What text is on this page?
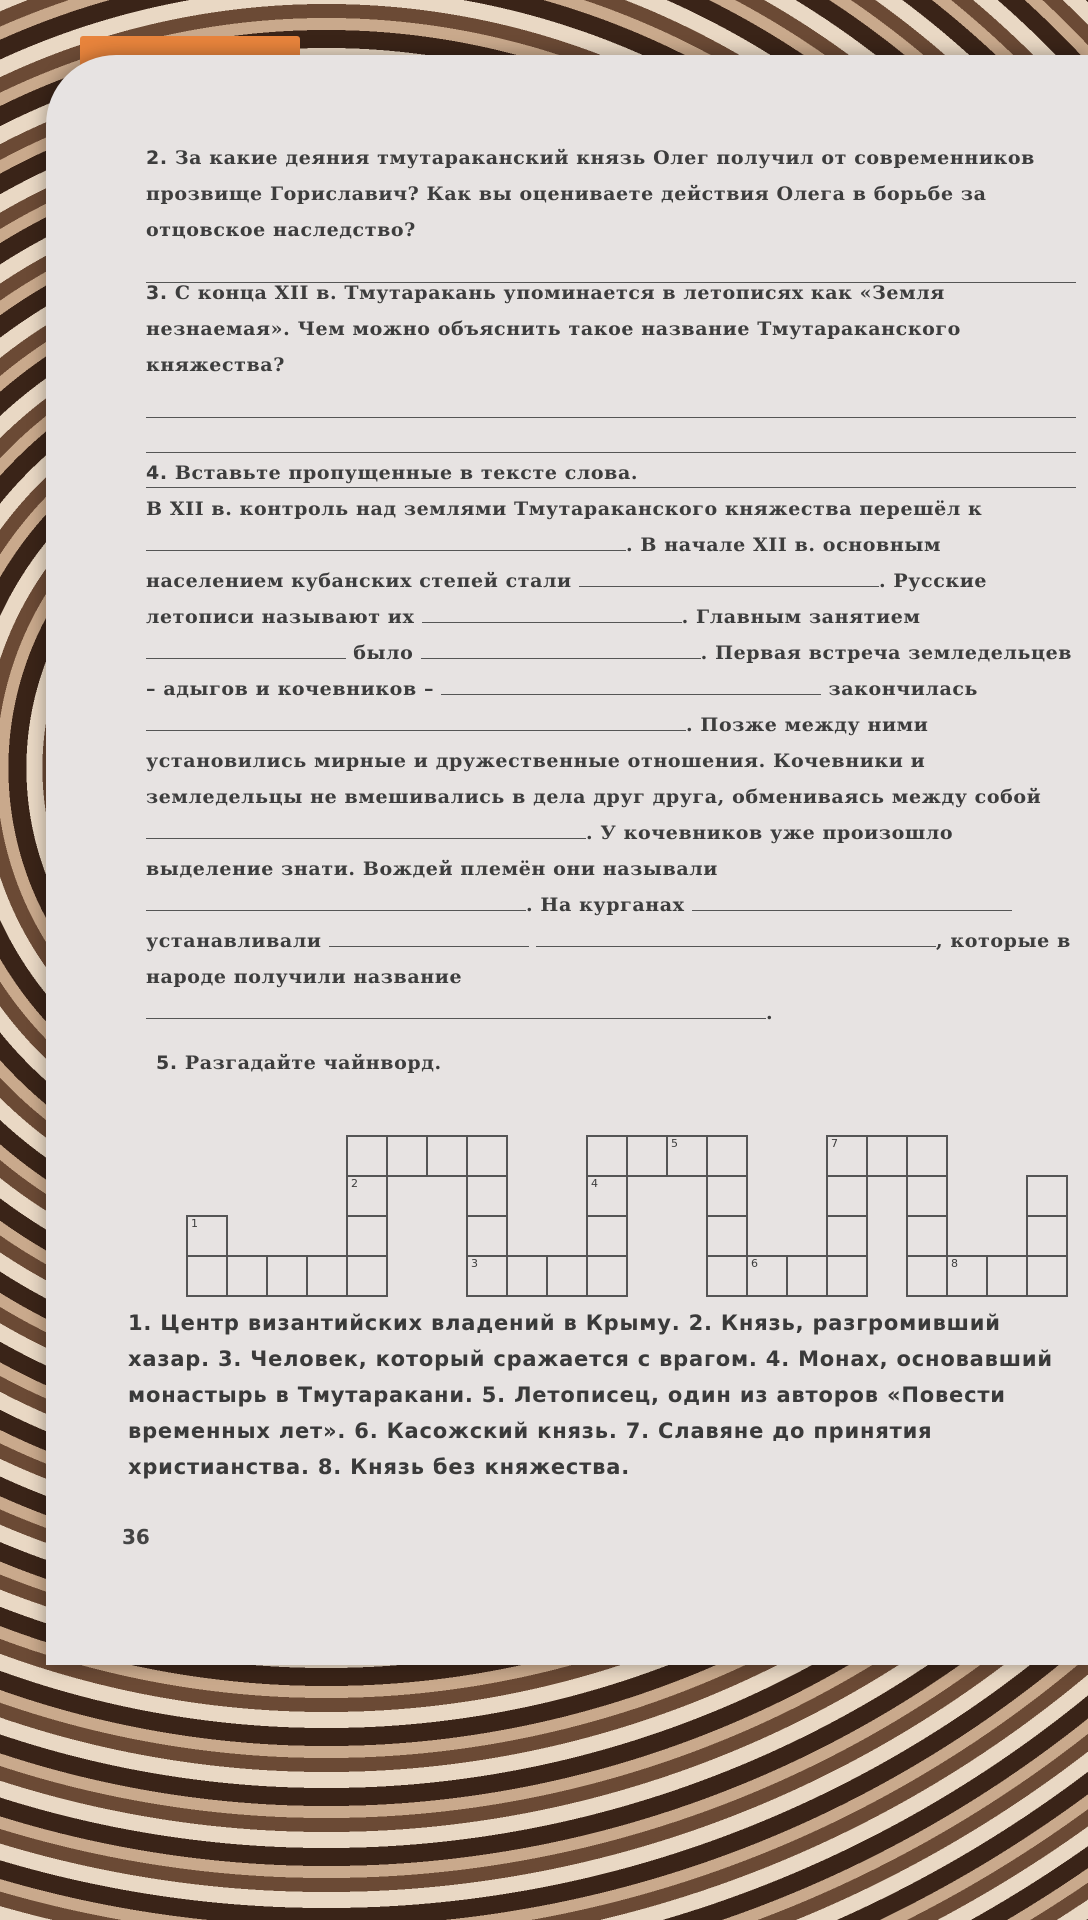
2. За какие деяния тмутараканский князь Олег получил от современников прозвище Гориславич? Как вы оцениваете действия Олега в борьбе за отцовское наследство?
3. С конца XII в. Тмутаракань упоминается в летописях как «Земля незнаемая». Чем можно объяснить такое название Тмутараканского княжества?
4. Вставьте пропущенные в тексте слова.
В XII в. контроль над землями Тмутараканского княжества перешёл к . В начале XII в. основным населением кубанских степей стали	. Русские летописи называют их	. Главным занятием  было	. Первая встреча земледельцев – адыгов и кочевников –	закончилась . Позже между ними установились мирные и дружественные отношения. Кочевники и земледельцы не вмешивались в дела друг друга, обмениваясь между собой . У кочевников уже произошло выделение знати. Вождей племён они называли . На курганах  устанавливали	, которые в народе получили название .
5. Разгадайте чайнворд.
1
2
3
4
5
6
7
8
1. Центр византийских владений в Крыму. 2. Князь, разгромивший хазар. 3. Человек, который сражается с врагом. 4. Монах, основавший монастырь в Тмутаракани. 5. Летописец, один из авторов «Повести временных лет». 6. Касожский князь. 7. Славяне до принятия христианства. 8. Князь без княжества.
36
